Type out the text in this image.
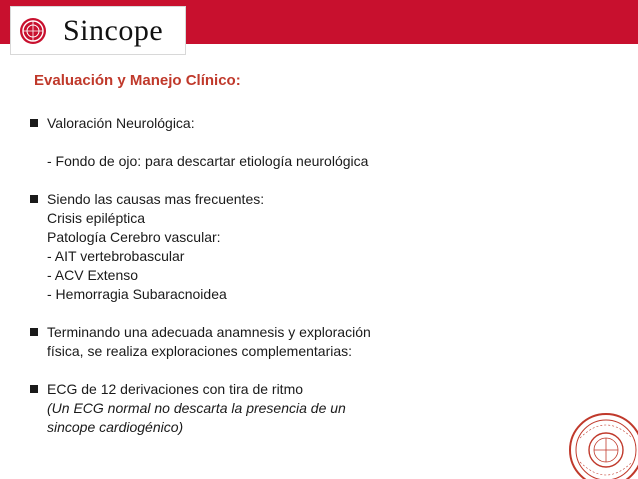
Sincope
Evaluación y Manejo Clínico:
Valoración Neurológica:
- Fondo de ojo: para descartar etiología neurológica
Siendo las causas mas frecuentes:
Crisis epiléptica
Patología Cerebro vascular:
- AIT vertebrobascular
- ACV Extenso
- Hemorragia Subaracnoidea
Terminando una adecuada anamnesis y exploración
física, se realiza exploraciones complementarias:
ECG de 12 derivaciones con tira de ritmo
(Un ECG normal no descarta la presencia de un
sincope cardiogénico)
